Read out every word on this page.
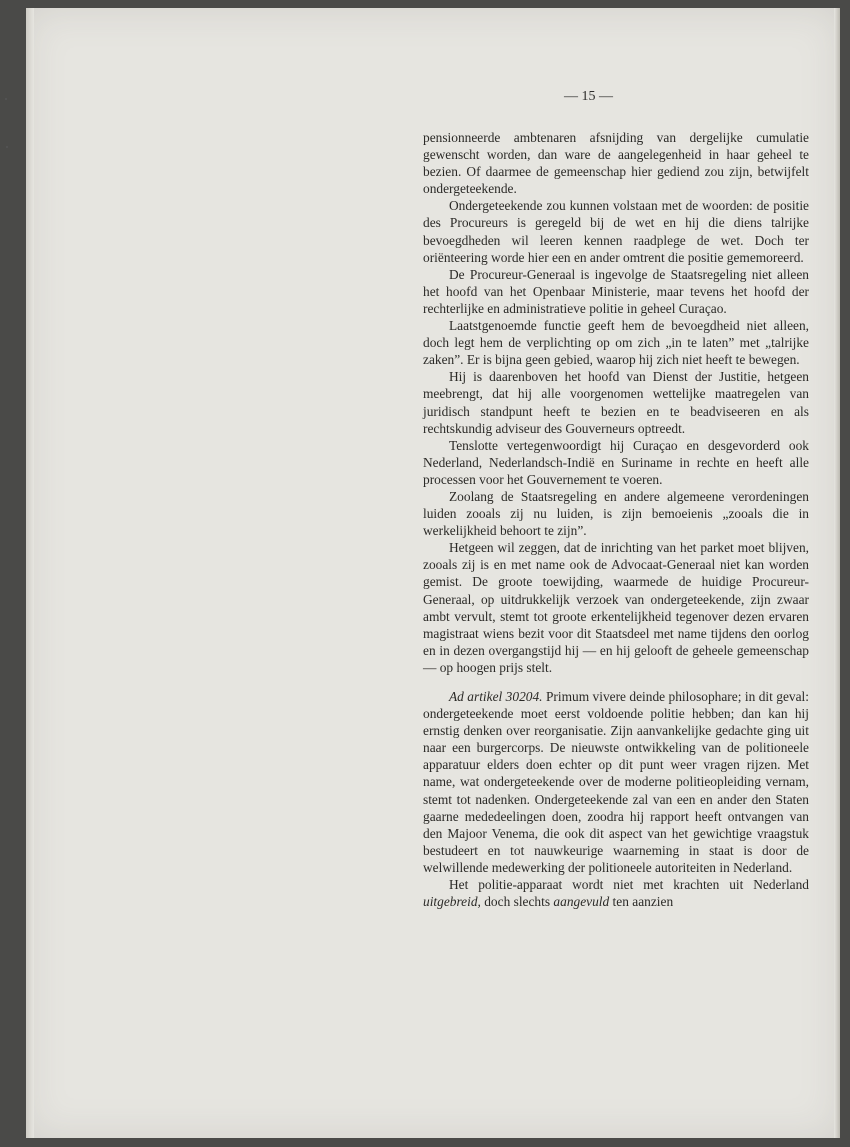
— 15 —

pensionneerde ambtenaren afsnijding van dergelijke cumulatie gewenscht worden, dan ware de aangelegenheid in haar geheel te bezien. Of daarmee de gemeenschap hier gediend zou zijn, betwijfelt ondergeteekende.

Ondergeteekende zou kunnen volstaan met de woorden: de positie des Procureurs is geregeld bij de wet en hij die diens talrijke bevoegdheden wil leeren kennen raadplege de wet. Doch ter oriënteering worde hier een en ander omtrent die positie gememoreerd.

De Procureur-Generaal is ingevolge de Staatsregeling niet alleen het hoofd van het Openbaar Ministerie, maar tevens het hoofd der rechterlijke en administratieve politie in geheel Curaçao.

Laatstgenoemde functie geeft hem de bevoegdheid niet alleen, doch legt hem de verplichting op om zich „in te laten” met „talrijke zaken”. Er is bijna geen gebied, waarop hij zich niet heeft te bewegen.

Hij is daarenboven het hoofd van Dienst der Justitie, hetgeen meebrengt, dat hij alle voorgenomen wettelijke maatregelen van juridisch standpunt heeft te bezien en te beadviseeren en als rechtskundig adviseur des Gouverneurs optreedt.

Tenslotte vertegenwoordigt hij Curaçao en desgevorderd ook Nederland, Nederlandsch-Indië en Suriname in rechte en heeft alle processen voor het Gouvernement te voeren.

Zoolang de Staatsregeling en andere algemeene verordeningen luiden zooals zij nu luiden, is zijn bemoeienis „zooals die in werkelijkheid behoort te zijn”.

Hetgeen wil zeggen, dat de inrichting van het parket moet blijven, zooals zij is en met name ook de Advocaat-Generaal niet kan worden gemist. De groote toewijding, waarmede de huidige Procureur-Generaal, op uitdrukkelijk verzoek van ondergeteekende, zijn zwaar ambt vervult, stemt tot groote erkentelijkheid tegenover dezen ervaren magistraat wiens bezit voor dit Staatsdeel met name tijdens den oorlog en in dezen overgangstijd hij — en hij gelooft de geheele gemeenschap — op hoogen prijs stelt.

Ad artikel 30204. Primum vivere deinde philosophare; in dit geval: ondergeteekende moet eerst voldoende politie hebben; dan kan hij ernstig denken over reorganisatie. Zijn aanvankelijke gedachte ging uit naar een burgercorps. De nieuwste ontwikkeling van de politioneele apparatuur elders doen echter op dit punt weer vragen rijzen. Met name, wat ondergeteekende over de moderne politieopleiding vernam, stemt tot nadenken. Ondergeteekende zal van een en ander den Staten gaarne mededeelingen doen, zoodra hij rapport heeft ontvangen van den Majoor Venema, die ook dit aspect van het gewichtige vraagstuk bestudeert en tot nauwkeurige waarneming in staat is door de welwillende medewerking der politioneele autoriteiten in Nederland.

Het politie-apparaat wordt niet met krachten uit Nederland uitgebreid, doch slechts aangevuld ten aanzien
